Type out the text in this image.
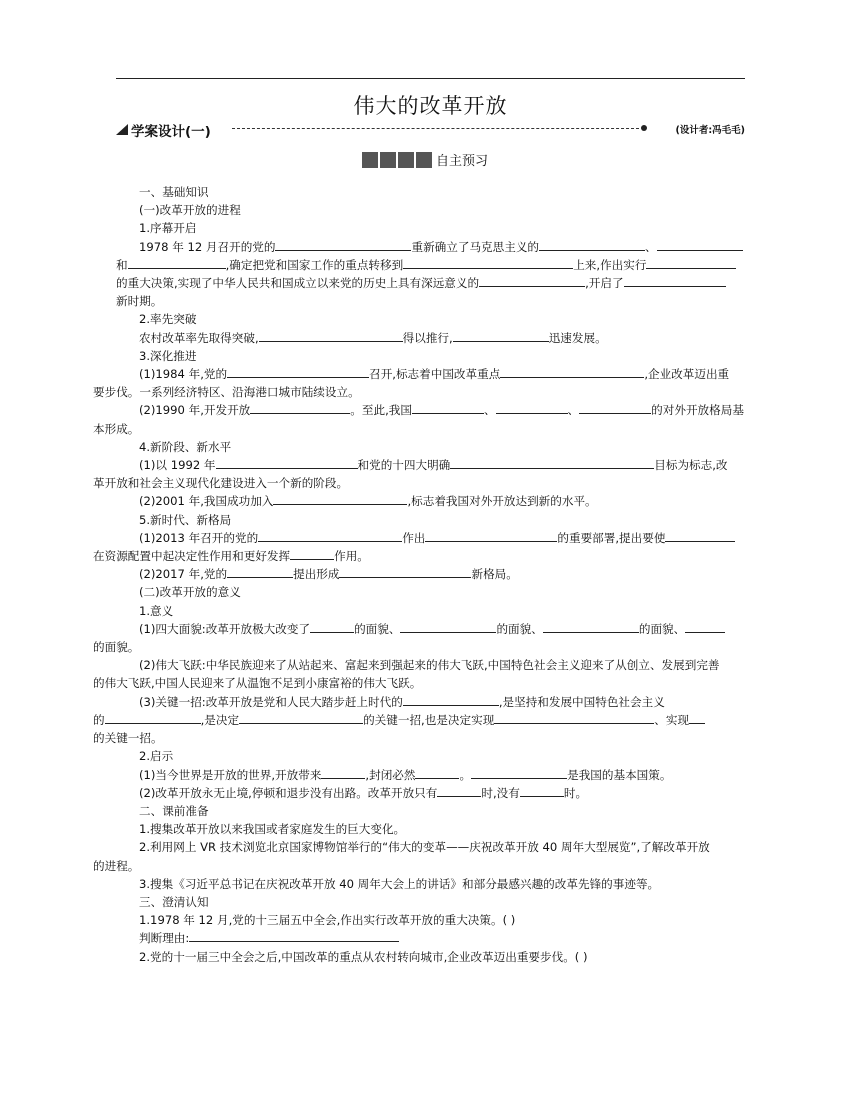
伟大的改革开放
学案设计(一)	(设计者:冯毛毛)
自主预习

一、基础知识

(一)改革开放的进程

1.序幕开启

1978 年 12 月召开的党的	重新确立了马克思主义的	、
和	,确定把党和国家工作的重点转移到	上来,作出实行
的重大决策,实现了中华人民共和国成立以来党的历史上具有深远意义的	,开启了
新时期。

2.率先突破

农村改革率先取得突破,	得以推行,	迅速发展。

3.深化推进

(1)1984 年,党的	召开,标志着中国改革重点	,企业改革迈出重
要步伐。一系列经济特区、沿海港口城市陆续设立。

(2)1990 年,开发开放	。至此,我国	、	、	的对外开放格局基
本形成。

4.新阶段、新水平

(1)以 1992 年	和党的十四大明确	目标为标志,改
革开放和社会主义现代化建设进入一个新的阶段。

(2)2001 年,我国成功加入	,标志着我国对外开放达到新的水平。

5.新时代、新格局

(1)2013 年召开的党的	作出	的重要部署,提出要使
在资源配置中起决定性作用和更好发挥	作用。

(2)2017 年,党的	提出形成	新格局。

(二)改革开放的意义

1.意义

(1)四大面貌:改革开放极大改变了	的面貌、	的面貌、	的面貌、
的面貌。

(2)伟大飞跃:中华民族迎来了从站起来、富起来到强起来的伟大飞跃,中国特色社会主义迎来了从创立、发展到完善
的伟大飞跃,中国人民迎来了从温饱不足到小康富裕的伟大飞跃。

(3)关键一招:改革开放是党和人民大踏步赶上时代的	,是坚持和发展中国特色社会主义
的	,是决定	的关键一招,也是决定实现	、实现
的关键一招。

2.启示

(1)当今世界是开放的世界,开放带来	,封闭必然	。	是我国的基本国策。

(2)改革开放永无止境,停顿和退步没有出路。改革开放只有	时,没有	时。

二、课前准备

1.搜集改革开放以来我国或者家庭发生的巨大变化。

2.利用网上 VR 技术浏览北京国家博物馆举行的“伟大的变革——庆祝改革开放 40 周年大型展览”,了解改革开放
的进程。

3.搜集《习近平总书记在庆祝改革开放 40 周年大会上的讲话》和部分最感兴趣的改革先锋的事迹等。

三、澄清认知

1.1978 年 12 月,党的十三届五中全会,作出实行改革开放的重大决策。( )

判断理由:

2.党的十一届三中全会之后,中国改革的重点从农村转向城市,企业改革迈出重要步伐。( )
